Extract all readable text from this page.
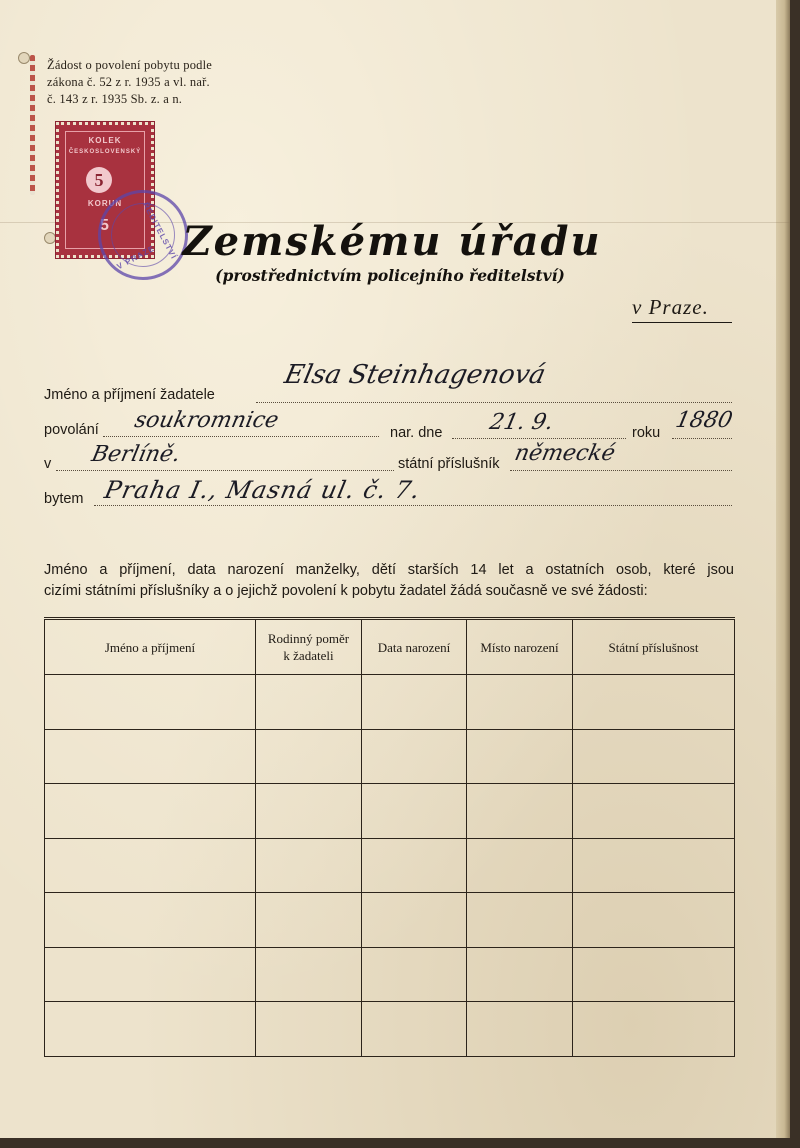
Žádost o povolení pobytu podle
zákona č. 52 z r. 1935 a vl. nař.
č. 143 z r. 1935 Sb. z. a n.
KOLEK
ČESKOSLOVENSKÝ
5
KORUN
5	ŘEDITELSTVÍ
V PRAZE Zemskému úřadu
(prostřednictvím policejního ředitelství)
v Praze.
Jméno a příjmení žadatele
Elsa Steinhagenová
povolání soukromnice	nar. dne 21. 9.	roku 1880
v Berlíně.	státní příslušník německé
bytem Praha I., Masná ul. č. 7.
Jméno a příjmení, data narození manželky, dětí starších 14 let a ostatních osob, které jsou
cizími státními příslušníky a o jejichž povolení k pobytu žadatel žádá současně ve své žádosti:
Jméno a příjmení	Rodinný poměr k žadateli	Data narození	Místo narození	Státní příslušnost
